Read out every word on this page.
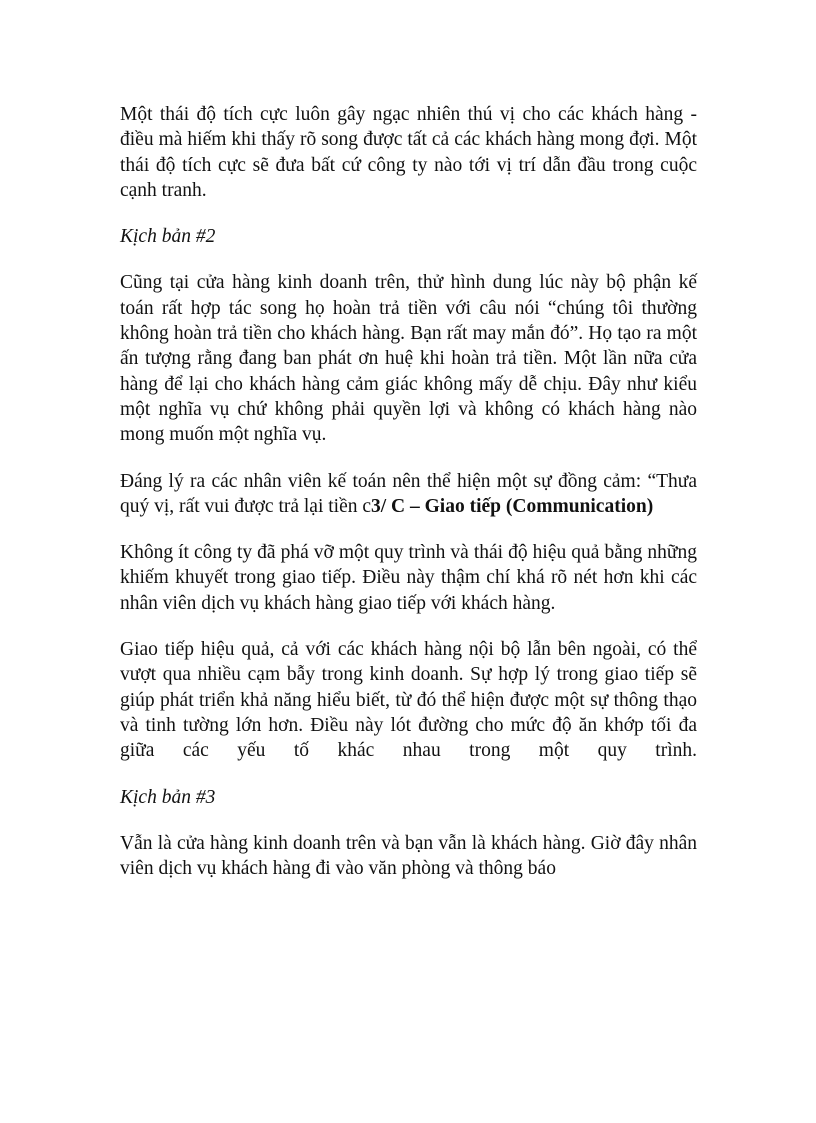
Một thái độ tích cực luôn gây ngạc nhiên thú vị cho các khách hàng - điều mà hiếm khi thấy rõ song được tất cả các khách hàng mong đợi. Một thái độ tích cực sẽ đưa bất cứ công ty nào tới vị trí dẫn đầu trong cuộc cạnh tranh.

Kịch bản #2

Cũng tại cửa hàng kinh doanh trên, thử hình dung lúc này bộ phận kế toán rất hợp tác song họ hoàn trả tiền với câu nói “chúng tôi thường không hoàn trả tiền cho khách hàng. Bạn rất may mắn đó”. Họ tạo ra một ấn tượng rằng đang ban phát ơn huệ khi hoàn trả tiền. Một lần nữa cửa hàng để lại cho khách hàng cảm giác không mấy dễ chịu. Đây như kiểu một nghĩa vụ chứ không phải quyền lợi và không có khách hàng nào mong muốn một nghĩa vụ.

Đáng lý ra các nhân viên kế toán nên thể hiện một sự đồng cảm: “Thưa quý vị, rất vui được trả lại tiền c3/ C – Giao tiếp (Communication)

Không ít công ty đã phá vỡ một quy trình và thái độ hiệu quả bằng những khiếm khuyết trong giao tiếp. Điều này thậm chí khá rõ nét hơn khi các nhân viên dịch vụ khách hàng giao tiếp với khách hàng.

Giao tiếp hiệu quả, cả với các khách hàng nội bộ lẫn bên ngoài, có thể vượt qua nhiều cạm bẫy trong kinh doanh. Sự hợp lý trong giao tiếp sẽ giúp phát triển khả năng hiểu biết, từ đó thể hiện được một sự thông thạo và tinh tường lớn hơn. Điều này lót đường cho mức độ ăn khớp tối đa giữa các yếu tố khác nhau trong một quy trình.

Kịch bản #3

Vẫn là cửa hàng kinh doanh trên và bạn vẫn là khách hàng. Giờ đây nhân viên dịch vụ khách hàng đi vào văn phòng và thông báo
